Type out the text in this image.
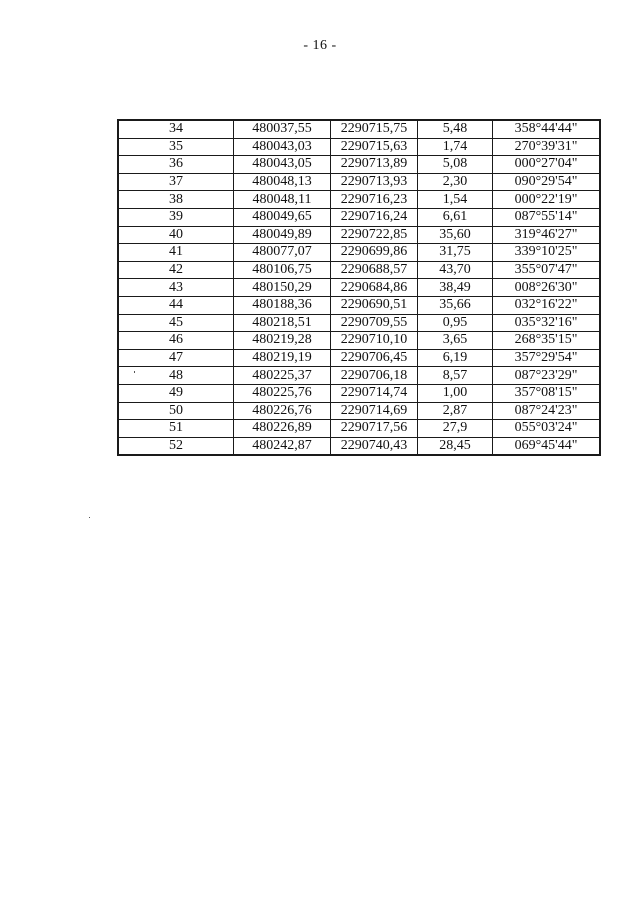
- 16 -
34	480037,55	2290715,75	5,48	358°44'44"
35	480043,03	2290715,63	1,74	270°39'31"
36	480043,05	2290713,89	5,08	000°27'04"
37	480048,13	2290713,93	2,30	090°29'54"
38	480048,11	2290716,23	1,54	000°22'19"
39	480049,65	2290716,24	6,61	087°55'14"
40	480049,89	2290722,85	35,60	319°46'27"
41	480077,07	2290699,86	31,75	339°10'25"
42	480106,75	2290688,57	43,70	355°07'47"
43	480150,29	2290684,86	38,49	008°26'30"
44	480188,36	2290690,51	35,66	032°16'22"
45	480218,51	2290709,55	0,95	035°32'16"
46	480219,28	2290710,10	3,65	268°35'15"
47	480219,19	2290706,45	6,19	357°29'54"
48	480225,37	2290706,18	8,57	087°23'29"
49	480225,76	2290714,74	1,00	357°08'15"
50	480226,76	2290714,69	2,87	087°24'23"
51	480226,89	2290717,56	27,9	055°03'24"
52	480242,87	2290740,43	28,45	069°45'44"
